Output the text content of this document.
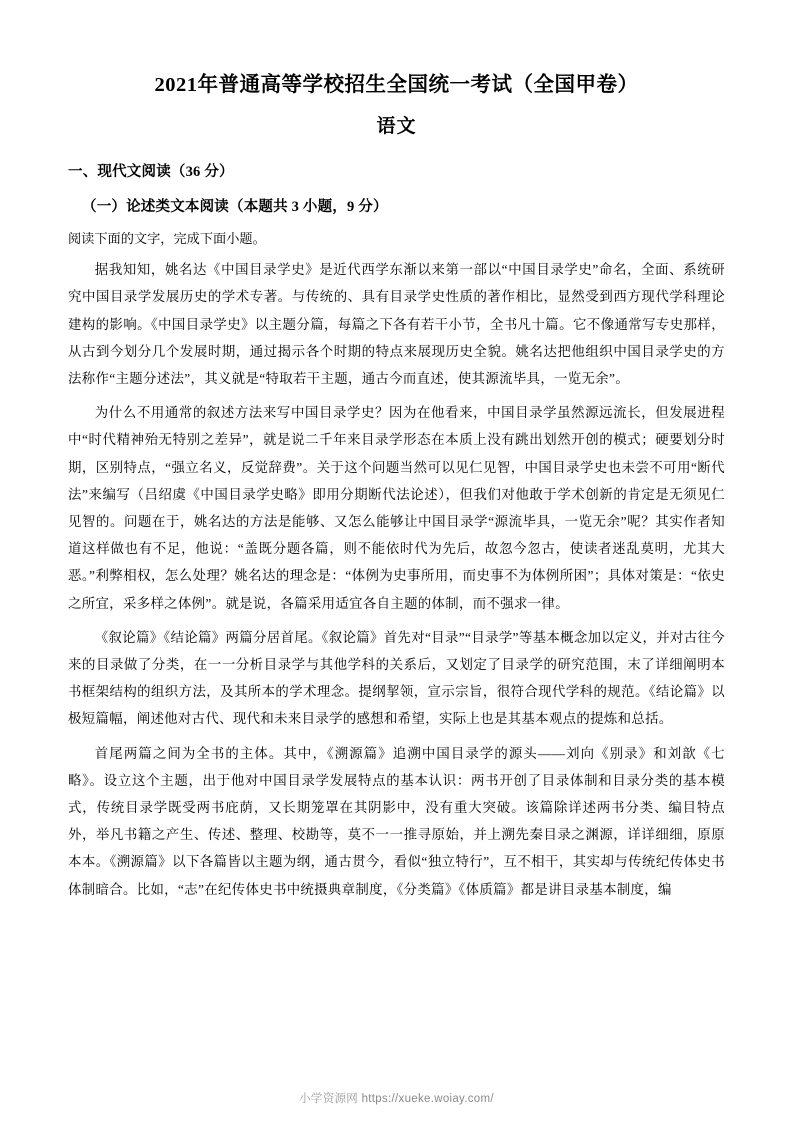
2021年普通高等学校招生全国统一考试（全国甲卷）
语文
一、现代文阅读（36 分）
（一）论述类文本阅读（本题共 3 小题，9 分）
阅读下面的文字，完成下面小题。

据我知知，姚名达《中国目录学史》是近代西学东渐以来第一部以“中国目录学史”命名，全面、系统研究中国目录学发展历史的学术专著。与传统的、具有目录学史性质的著作相比，显然受到西方现代学科理论建构的影响。《中国目录学史》以主题分篇，每篇之下各有若干小节，全书凡十篇。它不像通常写专史那样，从古到今划分几个发展时期，通过揭示各个时期的特点来展现历史全貌。姚名达把他组织中国目录学史的方法称作“主题分述法”，其义就是“特取若干主题，通古今而直述，使其源流毕具，一览无余”。

为什么不用通常的叙述方法来写中国目录学史？因为在他看来，中国目录学虽然源远流长，但发展进程中“时代精神殆无特别之差异”，就是说二千年来目录学形态在本质上没有跳出划然开创的模式；硬要划分时期，区别特点，“强立名义，反觉辞费”。关于这个问题当然可以见仁见智，中国目录学史也未尝不可用“断代法”来编写（吕绍虞《中国目录学史略》即用分期断代法论述），但我们对他敢于学术创新的肯定是无须见仁见智的。问题在于，姚名达的方法是能够、又怎么能够让中国目录学“源流毕具，一览无余”呢？其实作者知道这样做也有不足，他说：“盖既分题各篇，则不能依时代为先后，故忽今忽古，使读者迷乱莫明，尤其大恶。”利弊相权，怎么处理？姚名达的理念是：“体例为史事所用，而史事不为体例所困”；具体对策是：“依史之所宜，采多样之体例”。就是说，各篇采用适宜各自主题的体制，而不强求一律。

《叙论篇》《结论篇》两篇分居首尾。《叙论篇》首先对“目录”“目录学”等基本概念加以定义，并对古往今来的目录做了分类，在一一分析目录学与其他学科的关系后，又划定了目录学的研究范围，末了详细阐明本书框架结构的组织方法，及其所本的学术理念。提纲挈领，宣示宗旨，很符合现代学科的规范。《结论篇》以极短篇幅，阐述他对古代、现代和未来目录学的感想和希望，实际上也是其基本观点的提炼和总括。

首尾两篇之间为全书的主体。其中，《溯源篇》追溯中国目录学的源头——刘向《别录》和刘歆《七略》。设立这个主题，出于他对中国目录学发展特点的基本认识：两书开创了目录体制和目录分类的基本模式，传统目录学既受两书庇荫，又长期笼罩在其阴影中，没有重大突破。该篇除详述两书分类、编目特点外，举凡书籍之产生、传述、整理、校勘等，莫不一一推寻原始，并上溯先秦目录之渊源，详详细细，原原本本。《溯源篇》以下各篇皆以主题为纲，通古贯今，看似“独立特行”，互不相干，其实却与传统纪传体史书体制暗合。比如，“志”在纪传体史书中统摄典章制度，《分类篇》《体质篇》都是讲目录基本制度，编

小学资源网 https://xueke.woiay.com/
